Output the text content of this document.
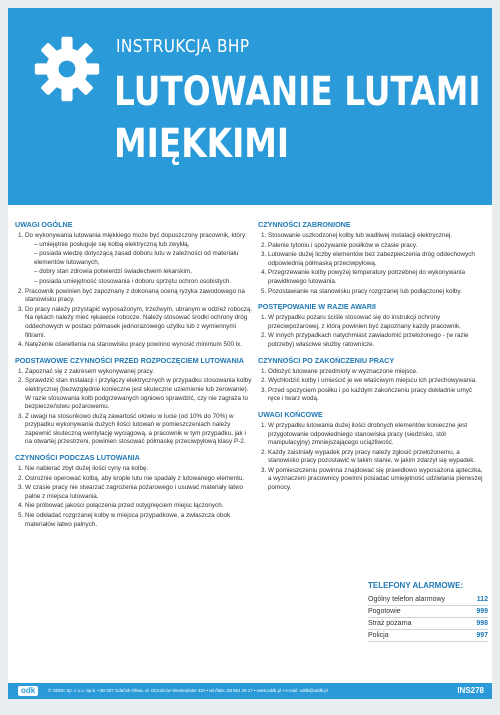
INSTRUKCJA BHP
LUTOWANIE LUTAMI
MIĘKKIMI
UWAGI OGÓLNE
1. Do wykonywania lutowania miękkiego może być dopuszczony pracownik, który:
– umiejętnie posługuje się kolbą elektryczną lub zwykłą,
– posiada wiedzę dotyczącą zasad doboru lutu w zależności od materiału elementów lutowanych,
– dobry stan zdrowia potwierdzi świadectwem lekarskim,
– posiada umiejętność stosowania i doboru sprzętu ochron osobistych.
2. Pracownik powinien być zapoznany z dokonaną oceną ryzyka zawodowego na stanowisku pracy.
3. Do pracy należy przystąpić wyposażonym, trzeźwym, ubranym w odzież roboczą. Na rękach należy mieć rękawice robocze. Należy stosować środki ochrony dróg oddechowych w postaci półmasek jednorazowego użytku lub z wymiennymi filtrami.
4. Natężenie oświetlenia na stanowisku pracy powinno wynosić minimum 500 lx.
PODSTAWOWE CZYNNOŚCI PRZED ROZPOCZĘCIEM LUTOWANIA
1. Zapoznać się z zakresem wykonywanej pracy.
2. Sprawdzić stan instalacji i przyłączy elektrycznych w przypadku stosowania kolby elektrycznej (bezwzględnie konieczne jest skuteczne uziemienie lub zerowanie). W razie stosowania kolb podgrzewanych ogniowo sprawdzić, czy nie zagraża to bezpieczeństwu pożarowemu.
3. Z uwagi na stosunkowo dużą zawartość ołowiu w lucie (od 10% do 70%) w przypadku wykonywania dużych ilości lutowań w pomieszczeniach należy zapewnić skuteczną wentylację wyciągową, a pracownik w tym przypadku, jak i na otwartej przestrzeni, powinien stosować półmaskę przeciwpyłową klasy P-2.
CZYNNOŚCI PODCZAS LUTOWANIA
1. Nie nabierać zbyt dużej ilości cyny na kolbę.
2. Ostrożnie operować kolbą, aby krople lutu nie spadały z lutowanego elementu.
3. W czasie pracy nie stwarzać zagrożenia pożarowego i usuwać materiały łatwo palne z miejsca lutowania.
4. Nie próbować jakości połączenia przed ostygnięciem miejsc łączonych.
5. Nie odkładać rozgrzanej kolby w miejsca przypadkowe, a zwłaszcza obok materiałów łatwo palnych.
CZYNNOŚCI ZABRONIONE
1. Stosowanie uszkodzonej kolby lub wadliwej instalacji elektrycznej.
2. Palenie tytoniu i spożywanie posiłków w czasie pracy.
3. Lutowanie dużej liczby elementów bez zabezpieczenia dróg oddechowych odpowiednią półmaską przeciwpyłową.
4. Przegrzewanie kolby powyżej temperatury potrzebnej do wykonywania prawidłowego lutowania.
5. Pozostawianie na stanowisku pracy rozgrzanej lub podłączonej kolby.
POSTĘPOWANIE W RAZIE AWARII
1. W przypadku pożaru ściśle stosować się do instrukcji ochrony przeciwpożarowej, z którą powinien być zapoznany każdy pracownik.
2. W innych przypadkach natychmiast zawiadomić przełożonego - (w razie potrzeby) właściwe służby ratownicze.
CZYNNOŚCI PO ZAKOŃCZENIU PRACY
1. Odłożyć lutowane przedmioty w wyznaczone miejsce.
2. Wychłodzić kolby i umieścić je we właściwym miejscu ich przechowywania.
3. Przed spożyciem posiłku i po każdym zakończeniu pracy dokładnie umyć ręce i twarz wodą.
UWAGI KOŃCOWE
1. W przypadku lutowania dużej ilości drobnych elementów konieczne jest przygotowanie odpowiedniego stanowiska pracy (siedzisko, stół manipulacyjny) zmniejszającego uciążliwość.
2. Każdy zaistniały wypadek przy pracy należy zgłosić przełożonemu, a stanowisko pracy pozostawić w takim stanie, w jakim zdarzył się wypadek.
3. W pomieszczeniu powinna znajdować się prawidłowo wyposażona apteczka, a wyznaczeni pracownicy powinni posiadać umiejętność udzielania pierwszej pomocy.
TELEFONY ALARMOWE:
Ogólny telefon alarmowy	112
Pogotowie	999
Straż pożarna	998
Policja	997
odk	© ODDK Sp. z o.o. Sp.k. • 80-337 Gdańsk-Oliwa, ul. Obrońców Westerplatte 32A • tel./faks: 58 554 29 17 • www.oddk.pl • e-mail: oddk@oddk.pl	INS278
